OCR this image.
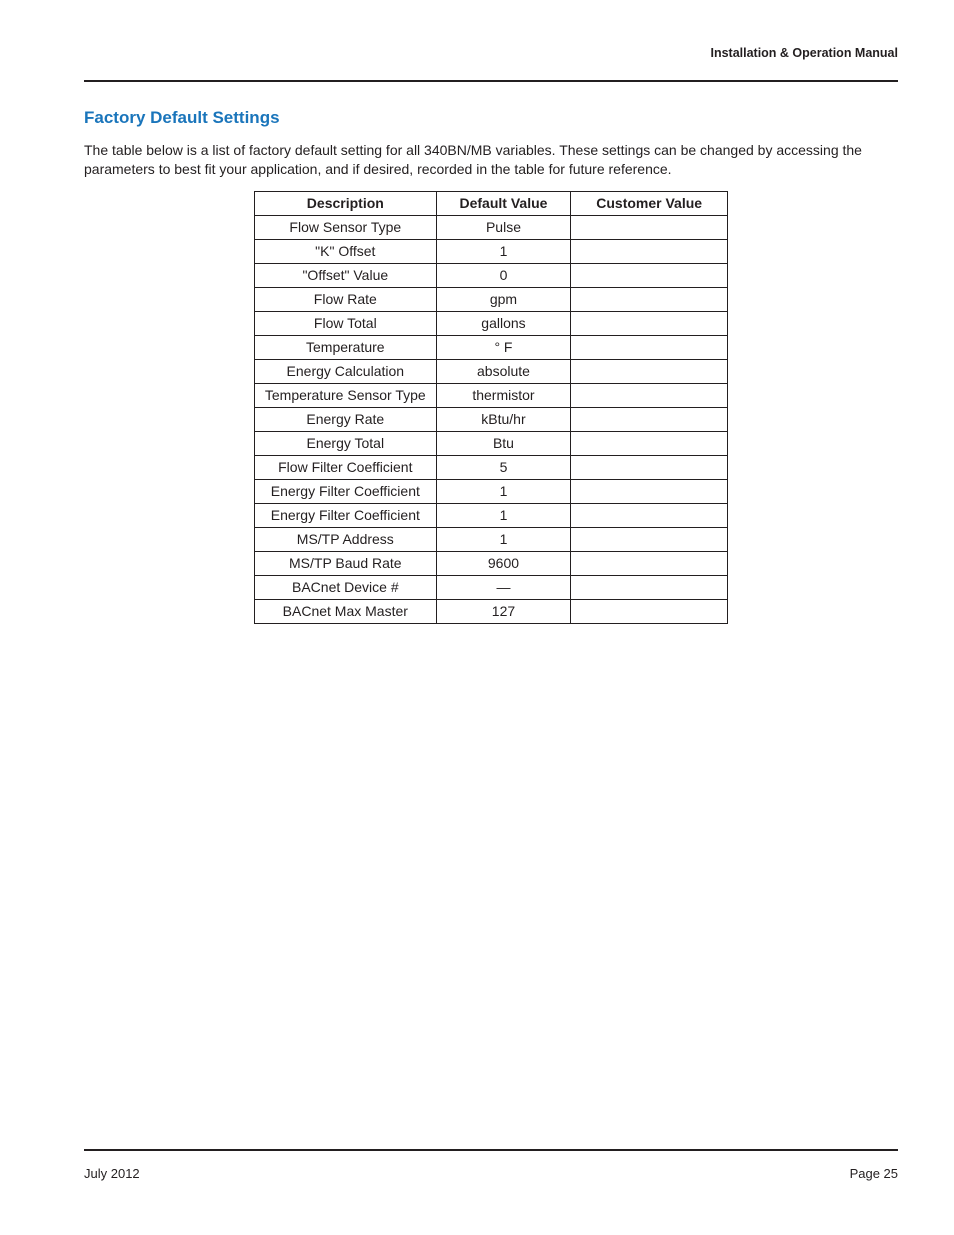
Installation & Operation Manual
Factory Default Settings
The table below is a list of factory default setting for all 340BN/MB variables. These settings can be changed by accessing the parameters to best fit your application, and if desired, recorded in the table for future reference.
Description	Default Value	Customer Value
Flow Sensor Type	Pulse	
"K" Offset	1	
"Offset" Value	0	
Flow Rate	gpm	
Flow Total	gallons	
Temperature	° F	
Energy Calculation	absolute	
Temperature Sensor Type	thermistor	
Energy Rate	kBtu/hr	
Energy Total	Btu	
Flow Filter Coefficient	5	
Energy Filter Coefficient	1	
Energy Filter Coefficient	1	
MS/TP Address	1	
MS/TP Baud Rate	9600	
BACnet Device #	—	
BACnet Max Master	127	
July 2012	Page 25
